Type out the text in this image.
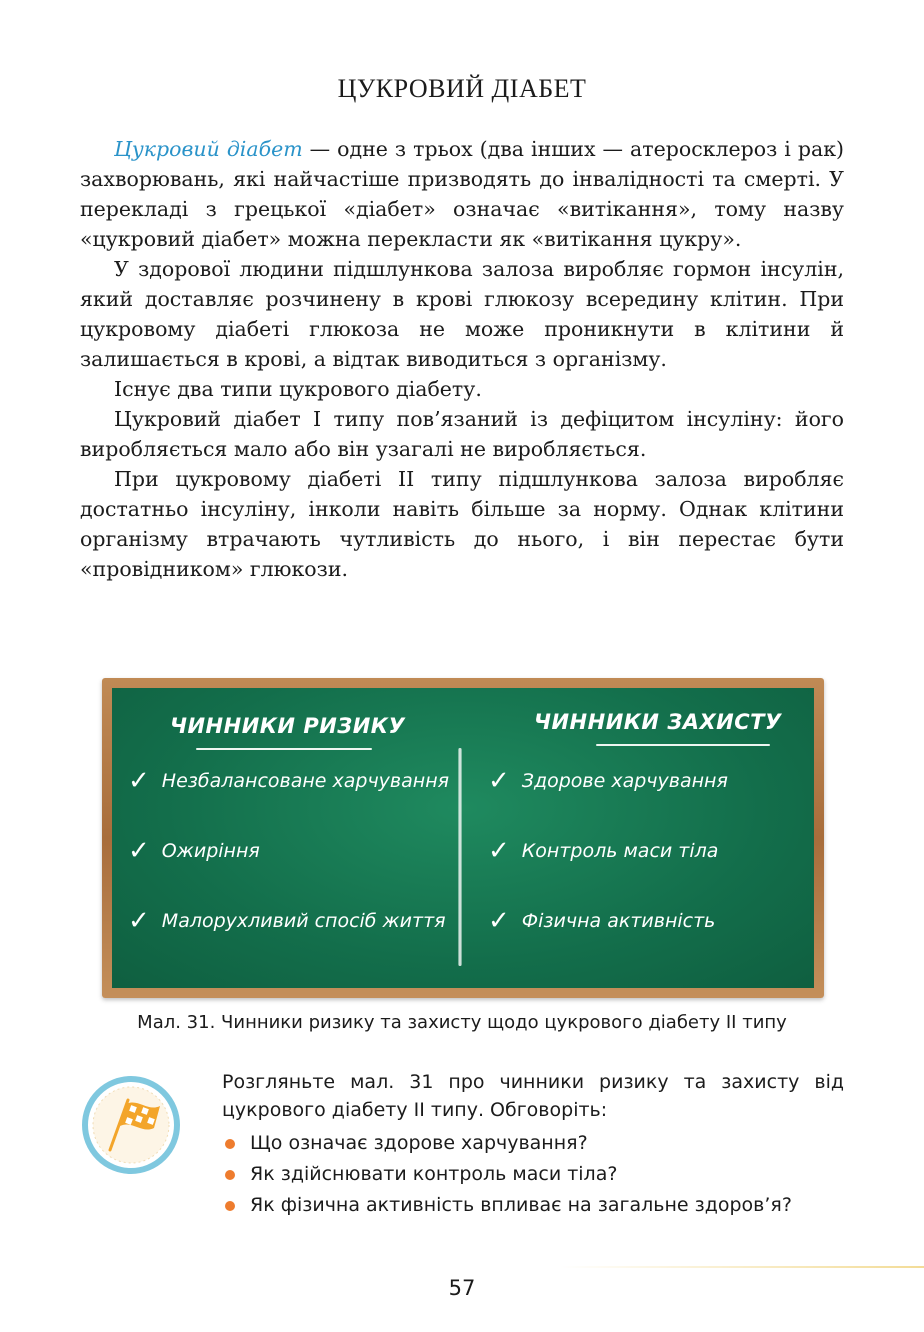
ЦУКРОВИЙ ДІАБЕТ

Цукровий діабет — одне з трьох (два інших — атеросклероз і рак) захворювань, які найчастіше призводять до інвалідності та смерті. У перекладі з грецької «діабет» означає «витікання», тому назву «цукровий діабет» можна перекласти як «витікання цукру».

У здорової людини підшлункова залоза виробляє гормон інсулін, який доставляє розчинену в крові глюкозу всередину клітин. При цукровому діабеті глюкоза не може проникнути в клітини й залишається в крові, а відтак виводиться з організму.

Існує два типи цукрового діабету.

Цукровий діабет І типу пов’язаний із дефіцитом інсуліну: його виробляється мало або він узагалі не виробляється.

При цукровому діабеті ІІ типу підшлункова залоза виробляє достатньо інсуліну, інколи навіть більше за норму. Однак клітини організму втрачають чутливість до нього, і він перестає бути «провідником» глюкози.

ЧИННИКИ РИЗИКУ
✓ Незбалансоване харчування
✓ Ожиріння
✓ Малорухливий спосіб життя
ЧИННИКИ ЗАХИСТУ
✓ Здорове харчування
✓ Контроль маси тіла
✓ Фізична активність
Мал. 31. Чинники ризику та захисту щодо цукрового діабету ІІ типу

Розгляньте мал. 31 про чинники ризику та захисту від цукрового діабету ІІ типу. Обговоріть:

Що означає здорове харчування?
Як здійснювати контроль маси тіла?
Як фізична активність впливає на загальне здоров’я?
57
